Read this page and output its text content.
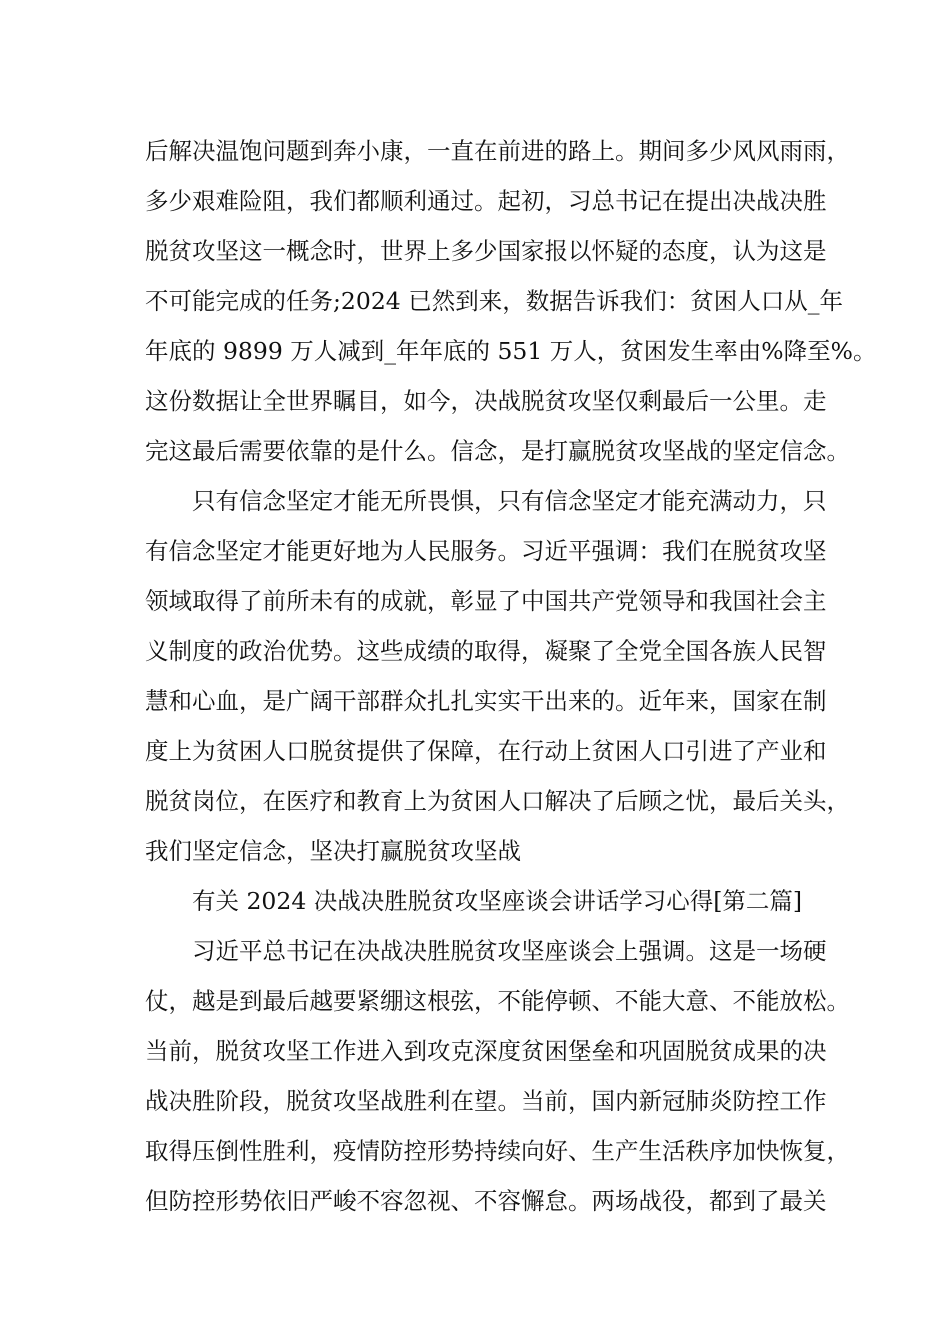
后解决温饱问题到奔小康，一直在前进的路上。期间多少风风雨雨，
多少艰难险阻，我们都顺利通过。起初，习总书记在提出决战决胜
脱贫攻坚这一概念时，世界上多少国家报以怀疑的态度，认为这是
不可能完成的任务;2024 已然到来，数据告诉我们：贫困人口从_年
年底的 9899 万人减到_年年底的 551 万人，贫困发生率由%降至%。
这份数据让全世界瞩目，如今，决战脱贫攻坚仅剩最后一公里。走
完这最后需要依靠的是什么。信念，是打赢脱贫攻坚战的坚定信念。
只有信念坚定才能无所畏惧，只有信念坚定才能充满动力，只
有信念坚定才能更好地为人民服务。习近平强调：我们在脱贫攻坚
领域取得了前所未有的成就，彰显了中国共产党领导和我国社会主
义制度的政治优势。这些成绩的取得，凝聚了全党全国各族人民智
慧和心血，是广阔干部群众扎扎实实干出来的。近年来，国家在制
度上为贫困人口脱贫提供了保障，在行动上贫困人口引进了产业和
脱贫岗位，在医疗和教育上为贫困人口解决了后顾之忧，最后关头，
我们坚定信念，坚决打赢脱贫攻坚战
有关 2024 决战决胜脱贫攻坚座谈会讲话学习心得[第二篇]
习近平总书记在决战决胜脱贫攻坚座谈会上强调。这是一场硬
仗，越是到最后越要紧绷这根弦，不能停顿、不能大意、不能放松。
当前，脱贫攻坚工作进入到攻克深度贫困堡垒和巩固脱贫成果的决
战决胜阶段，脱贫攻坚战胜利在望。当前，国内新冠肺炎防控工作
取得压倒性胜利，疫情防控形势持续向好、生产生活秩序加快恢复，
但防控形势依旧严峻不容忽视、不容懈怠。两场战役，都到了最关
